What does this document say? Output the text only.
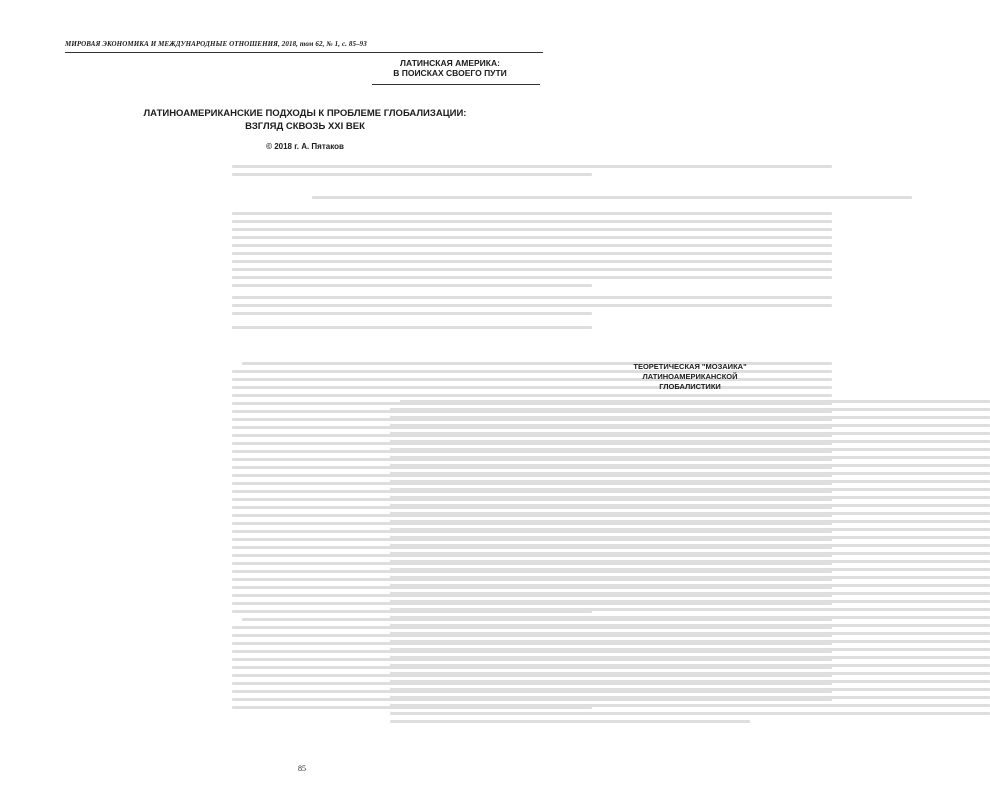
МИРОВАЯ ЭКОНОМИКА И МЕЖДУНАРОДНЫЕ ОТНОШЕНИЯ, 2018, том 62, № 1, с. 85–93
ЛАТИНСКАЯ АМЕРИКА:
В ПОИСКАХ СВОЕГО ПУТИ
ЛАТИНОАМЕРИКАНСКИЕ ПОДХОДЫ К ПРОБЛЕМЕ ГЛОБАЛИЗАЦИИ:
ВЗГЛЯД СКВОЗЬ XXI ВЕК
© 2018 г. А. Пятаков
ТЕОРЕТИЧЕСКАЯ "МОЗАИКА"
ЛАТИНОАМЕРИКАНСКОЙ
ГЛОБАЛИСТИКИ
85
